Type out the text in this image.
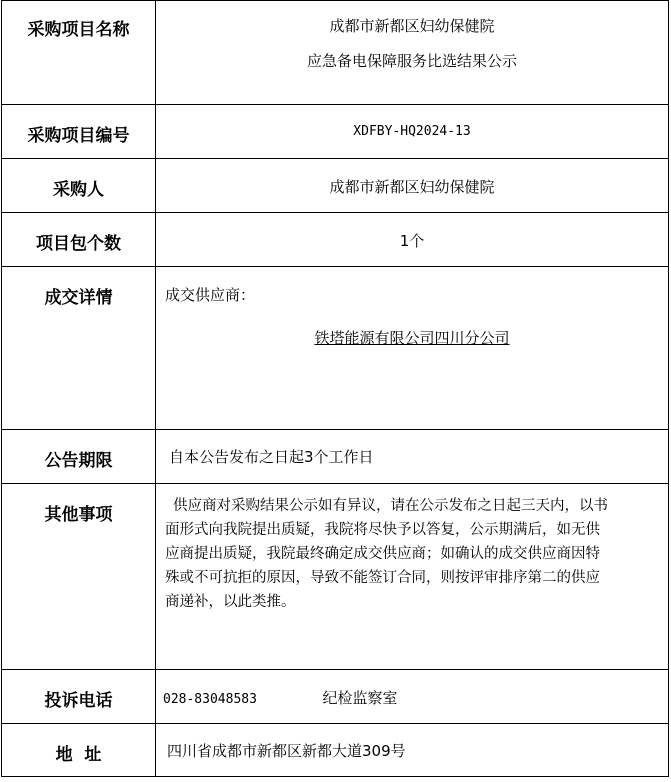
采购项目名称	成都市新都区妇幼保健院
应急备电保障服务比选结果公示

采购项目编号	XDFBY-HQ2024-13

采购人	成都市新都区妇幼保健院

项目包个数	1个

成交详情	成交供应商：
铁塔能源有限公司四川分公司

公告期限	自本公告发布之日起3个工作日

其他事项	供应商对采购结果公示如有异议，请在公示发布之日起三天内，以书
面形式向我院提出质疑，我院将尽快予以答复，公示期满后，如无供
应商提出质疑，我院最终确定成交供应商；如确认的成交供应商因特
殊或不可抗拒的原因，导致不能签订合同，则按评审排序第二的供应
商递补，以此类推。

投诉电话	028-83048583 纪检监察室

地  址	四川省成都市新都区新都大道309号
